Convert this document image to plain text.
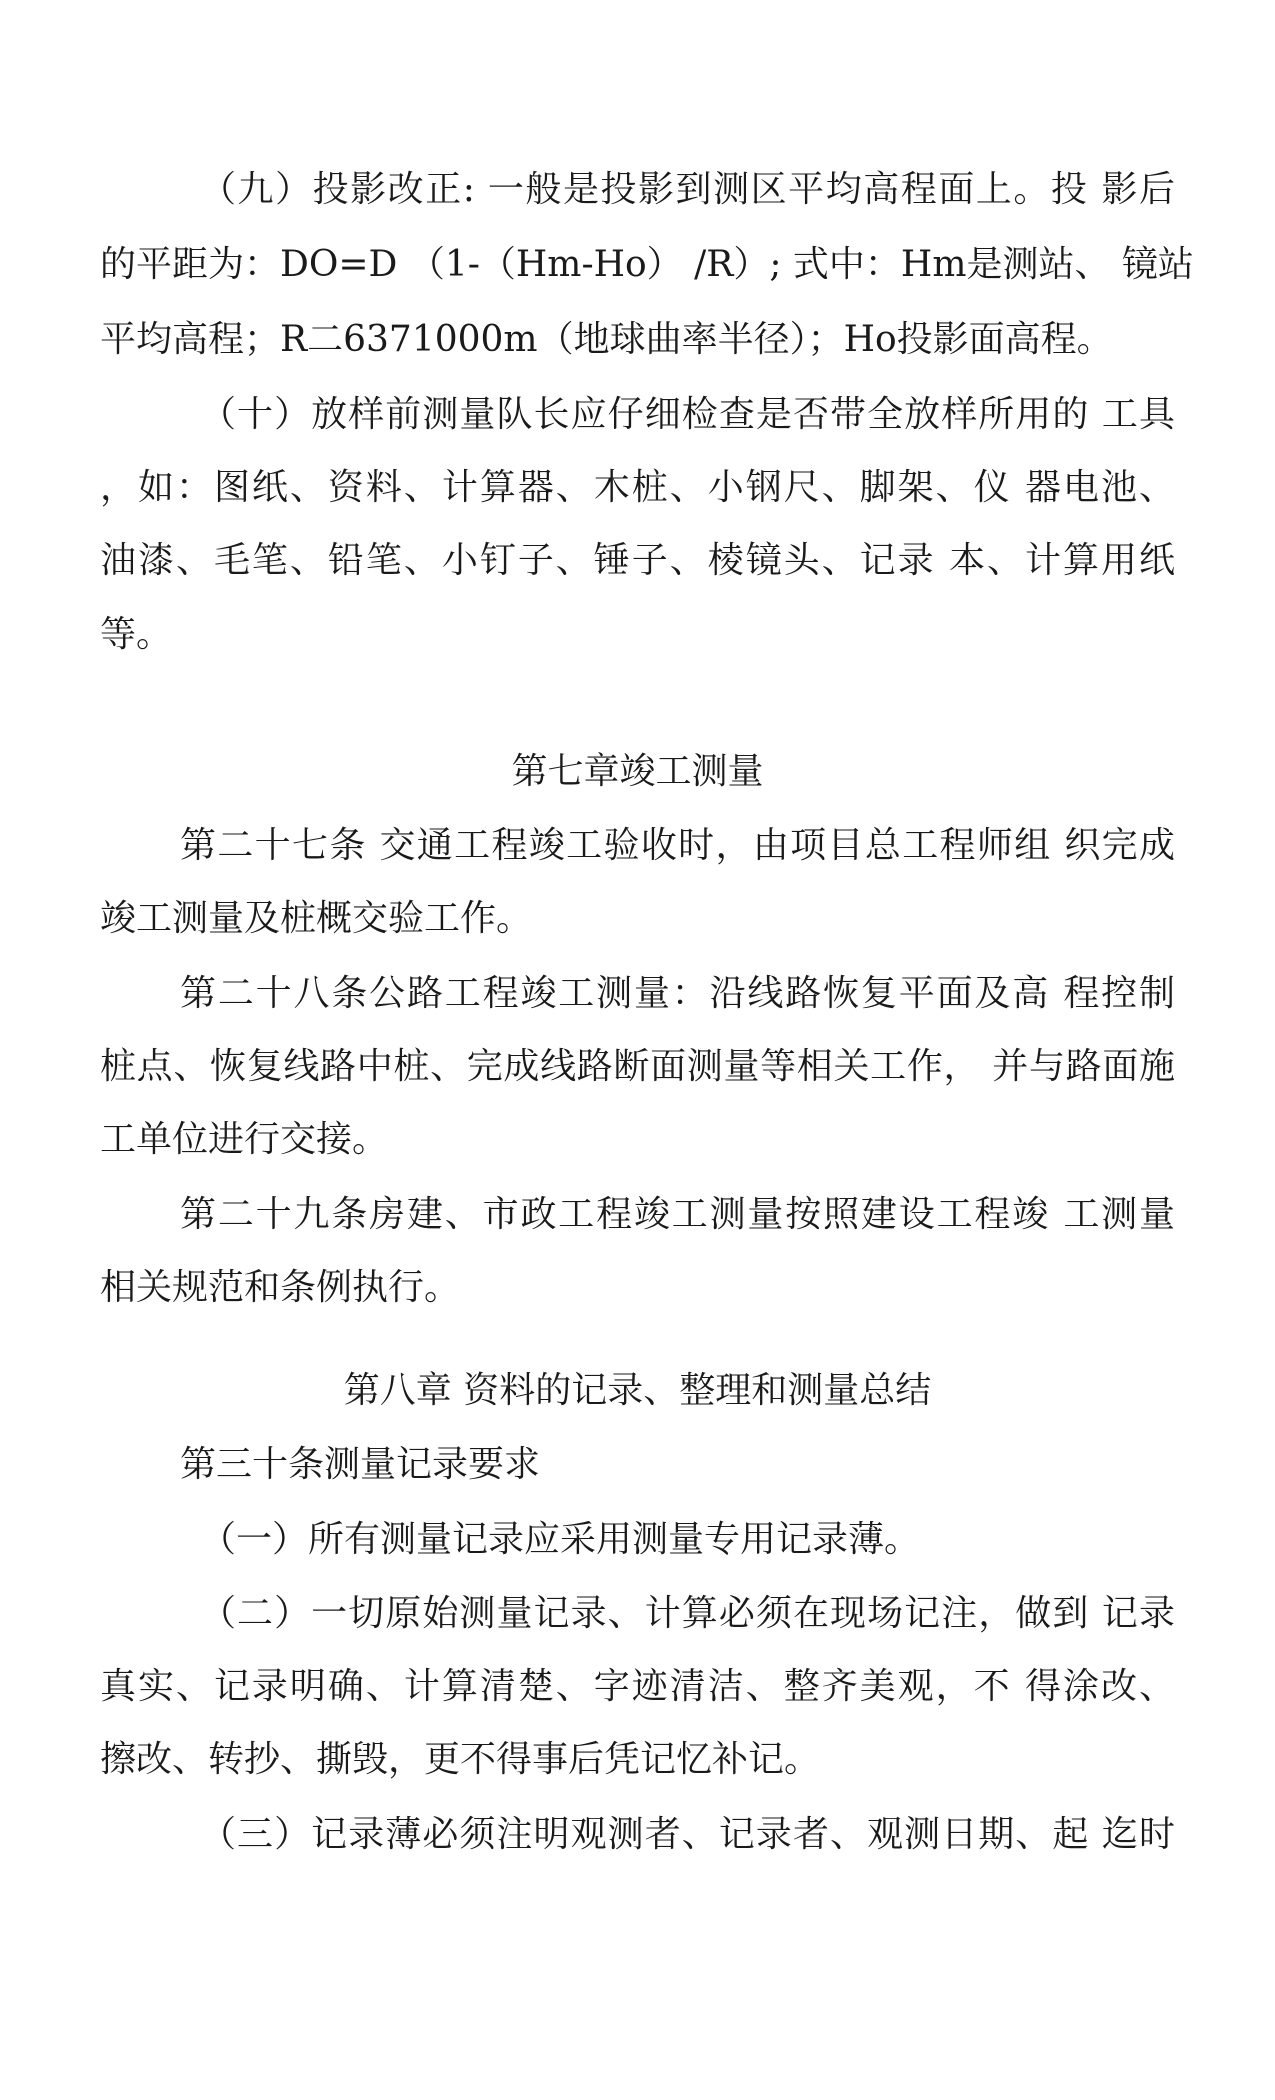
（九）投影改正: 一般是投影到测区平均高程面上。投 影后
的平距为：DO=D （1-（Hm-Ho） /R）; 式中：Hm是测站、 镜站
平均高程；R二6371000m（地球曲率半径）；Ho投影面高程。
（十）放样前测量队长应仔细检查是否带全放样所用的 工具
，如：图纸、资料、计算器、木桩、小钢尺、脚架、仪 器电池、
油漆、毛笔、铅笔、小钉子、锤子、棱镜头、记录 本、计算用纸
等。
第七章竣工测量
第二十七条 交通工程竣工验收时，由项目总工程师组 织完成
竣工测量及桩概交验工作。
第二十八条公路工程竣工测量：沿线路恢复平面及高 程控制
桩点、恢复线路中桩、完成线路断面测量等相关工作， 并与路面施
工单位进行交接。
第二十九条房建、市政工程竣工测量按照建设工程竣 工测量
相关规范和条例执行。
第八章 资料的记录、整理和测量总结
第三十条测量记录要求
（一）所有测量记录应采用测量专用记录薄。
（二）一切原始测量记录、计算必须在现场记注，做到 记录
真实、记录明确、计算清楚、字迹清洁、整齐美观，不 得涂改、
擦改、转抄、撕毁，更不得事后凭记忆补记。
（三）记录薄必须注明观测者、记录者、观测日期、起 迄时
